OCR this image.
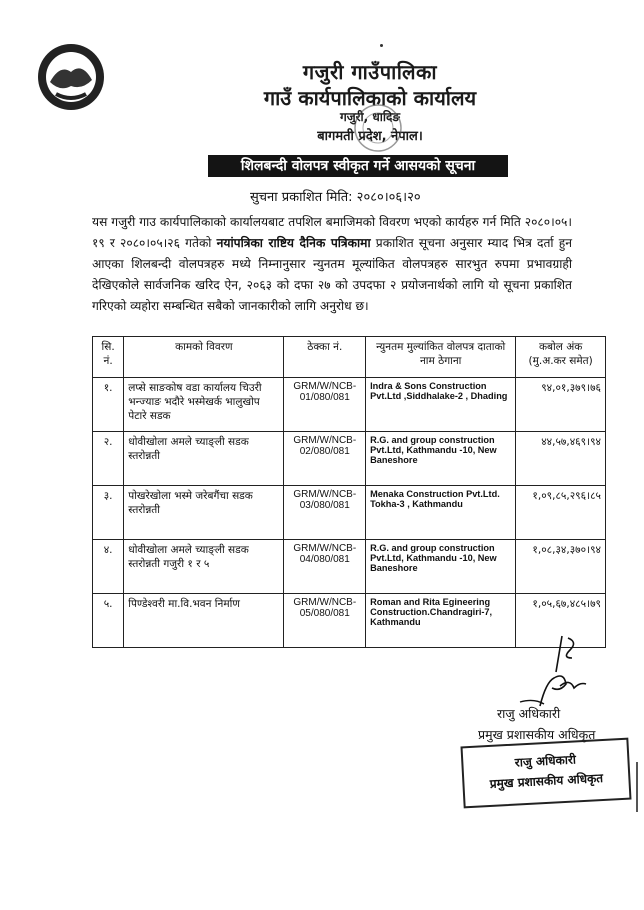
गजुरी गाउँपालिका
गाउँ कार्यपालिकाको कार्यालय
गजुरी, धादिङ
बागमती प्रदेश, नेपाल।
शिलबन्दी वोलपत्र स्वीकृत गर्ने आसयको सूचना
सुचना प्रकाशित मिति: २०८०।०६।२०
यस गजुरी गाउ कार्यपालिकाको कार्यालयबाट तपशिल बमाजिमको विवरण भएको कार्यहरु गर्न मिति २०८०।०५।१९ र २०८०।०५।२६ गतेको नयांपत्रिका राष्टिय दैनिक पत्रिकामा प्रकाशित सूचना अनुसार म्याद भित्र दर्ता हुन आएका शिलबन्दी वोलपत्रहरु मध्ये निम्नानुसार न्युनतम मूल्यांकित वोलपत्रहरु सारभुत रुपमा प्रभावग्राही देखिएकोले सार्वजनिक खरिद ऐन, २०६३ को दफा २७ को उपदफा २ प्रयोजनार्थको लागि यो सूचना प्रकाशित गरिएको व्यहोरा सम्बन्धित सबैको जानकारीको लागि अनुरोध छ।
सि. नं.	कामको विवरण	ठेक्का नं.	न्युनतम मुल्यांकित वोलपत्र दाताको नाम ठेगाना	कबोल अंक (मु.अ.कर समेत)
१.	लप्से साङकोष वडा कार्यालय चिउरी भन्ज्याङ भदौरे भस्मेखर्क भालुखोप पेटारे सडक	GRM/W/NCB-01/080/081	Indra & Sons Construction Pvt.Ltd ,Siddhalake-2 , Dhading	९४,०१,३७९।७६
२.	धोवीखोला अमले च्याङ्ली सडक स्तरोन्नती	GRM/W/NCB-02/080/081	R.G. and group construction Pvt.Ltd, Kathmandu -10, New Baneshore	४४,५७,४६९।९४
३.	पोखरेखोला भस्मे जरेबगैंचा सडक स्तरोन्नती	GRM/W/NCB-03/080/081	Menaka Construction Pvt.Ltd. Tokha-3 , Kathmandu	१,०९,८५,२९६।८५
४.	धोवीखोला अमले च्याङ्ली सडक स्तरोन्नती गजुरी १ र ५	GRM/W/NCB-04/080/081	R.G. and group construction Pvt.Ltd, Kathmandu -10, New Baneshore	१,०८,३४,३७०।९४
५.	पिण्डेश्वरी मा.वि.भवन निर्माण	GRM/W/NCB-05/080/081	Roman and Rita Egineering Construction.Chandragiri-7, Kathmandu	१,०५,६७,४८५।७९
राजु अधिकारी
प्रमुख प्रशासकीय अधिकृत
राजु अधिकारी
प्रमुख प्रशासकीय अधिकृत
